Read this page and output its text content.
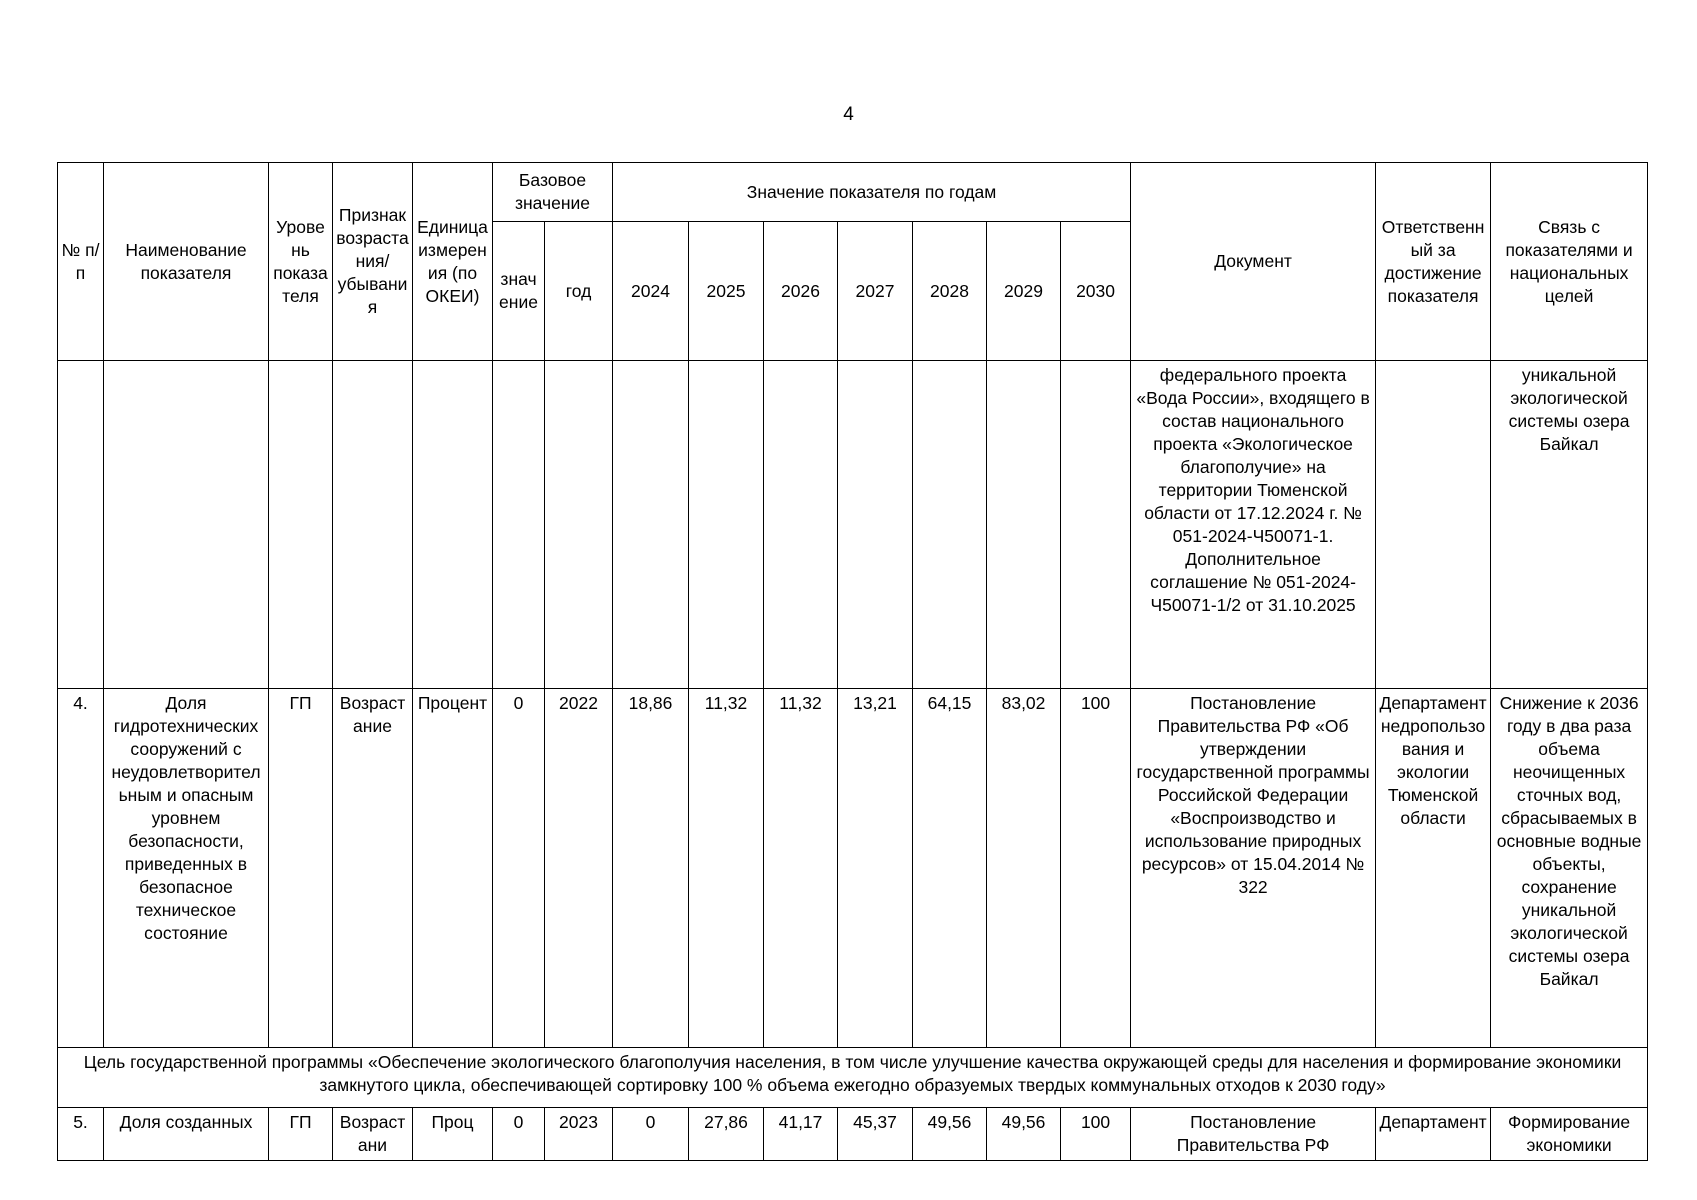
4
№ п/п	Наименование показателя	Уровень показателя	Признак возрастания/ убывания	Единица измерения (по ОКЕИ)	Базовое значение		Значение показателя по годам							Документ	Ответственный за достижение показателя	Связь с показателями и национальных целей
					значение	год	2024	2025	2026	2027	2028	2029	2030			
														федерального проекта «Вода России», входящего в состав национального проекта «Экологическое благополучие» на территории Тюменской области от 17.12.2024 г. № 051-2024-Ч50071-1. Дополнительное соглашение № 051-2024-Ч50071-1/2 от 31.10.2025		уникальной экологической системы озера Байкал
4.	Доля гидротехнических сооружений с неудовлетворительным и опасным уровнем безопасности, приведенных в безопасное техническое состояние	ГП	Возрастание	Процент	0	2022	18,86	11,32	11,32	13,21	64,15	83,02	100	Постановление Правительства РФ «Об утверждении государственной программы Российской Федерации «Воспроизводство и использование природных ресурсов» от 15.04.2014 № 322	Департамент недропользования и экологии Тюменской области	Снижение к 2036 году в два раза объема неочищенных сточных вод, сбрасываемых в основные водные объекты, сохранение уникальной экологической системы озера Байкал
Цель государственной программы «Обеспечение экологического благополучия населения, в том числе улучшение качества окружающей среды для населения и формирование экономики замкнутого цикла, обеспечивающей сортировку 100 % объема ежегодно образуемых твердых коммунальных отходов к 2030 году»																
5.	Доля созданных	ГП	Возрастани	Проц	0	2023	0	27,86	41,17	45,37	49,56	49,56	100	Постановление Правительства РФ	Департамент	Формирование экономики
